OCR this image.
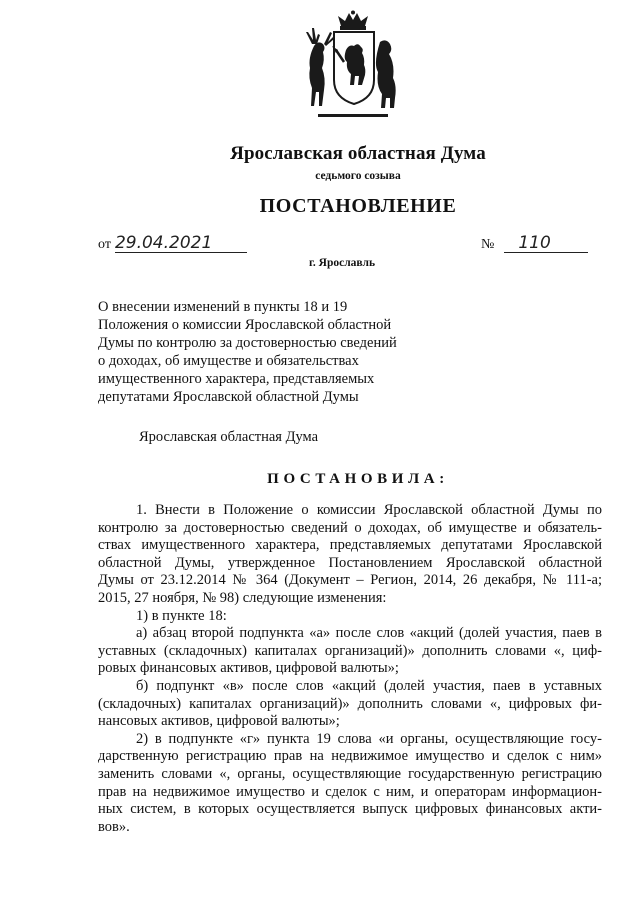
Ярославская областная Дума
седьмого созыва
ПОСТАНОВЛЕНИЕ
от 29.04.2021	№ 110
г. Ярославль
О внесении изменений в пункты 18 и 19
Положения о комиссии Ярославской областной
Думы по контролю за достоверностью сведений
о доходах, об имуществе и обязательствах
имущественного характера, представляемых
депутатами Ярославской областной Думы
Ярославская областная Дума
ПОСТАНОВИЛА:
1. Внести в Положение о комиссии Ярославской областной Думы по
контролю за достоверностью сведений о доходах, об имуществе и обязатель-
ствах имущественного характера, представляемых депутатами Ярославской
областной Думы, утвержденное Постановлением Ярославской областной
Думы от 23.12.2014 № 364 (Документ – Регион, 2014, 26 декабря, № 111-а;
2015, 27 ноября, № 98) следующие изменения:
1) в пункте 18:
а) абзац второй подпункта «а» после слов «акций (долей участия, паев в
уставных (складочных) капиталах организаций)» дополнить словами «, циф-
ровых финансовых активов, цифровой валюты»;
б) подпункт «в» после слов «акций (долей участия, паев в уставных
(складочных) капиталах организаций)» дополнить словами «, цифровых фи-
нансовых активов, цифровой валюты»;
2) в подпункте «г» пункта 19 слова «и органы, осуществляющие госу-
дарственную регистрацию прав на недвижимое имущество и сделок с ним»
заменить словами «, органы, осуществляющие государственную регистрацию
прав на недвижимое имущество и сделок с ним, и операторам информацион-
ных систем, в которых осуществляется выпуск цифровых финансовых акти-
вов».
